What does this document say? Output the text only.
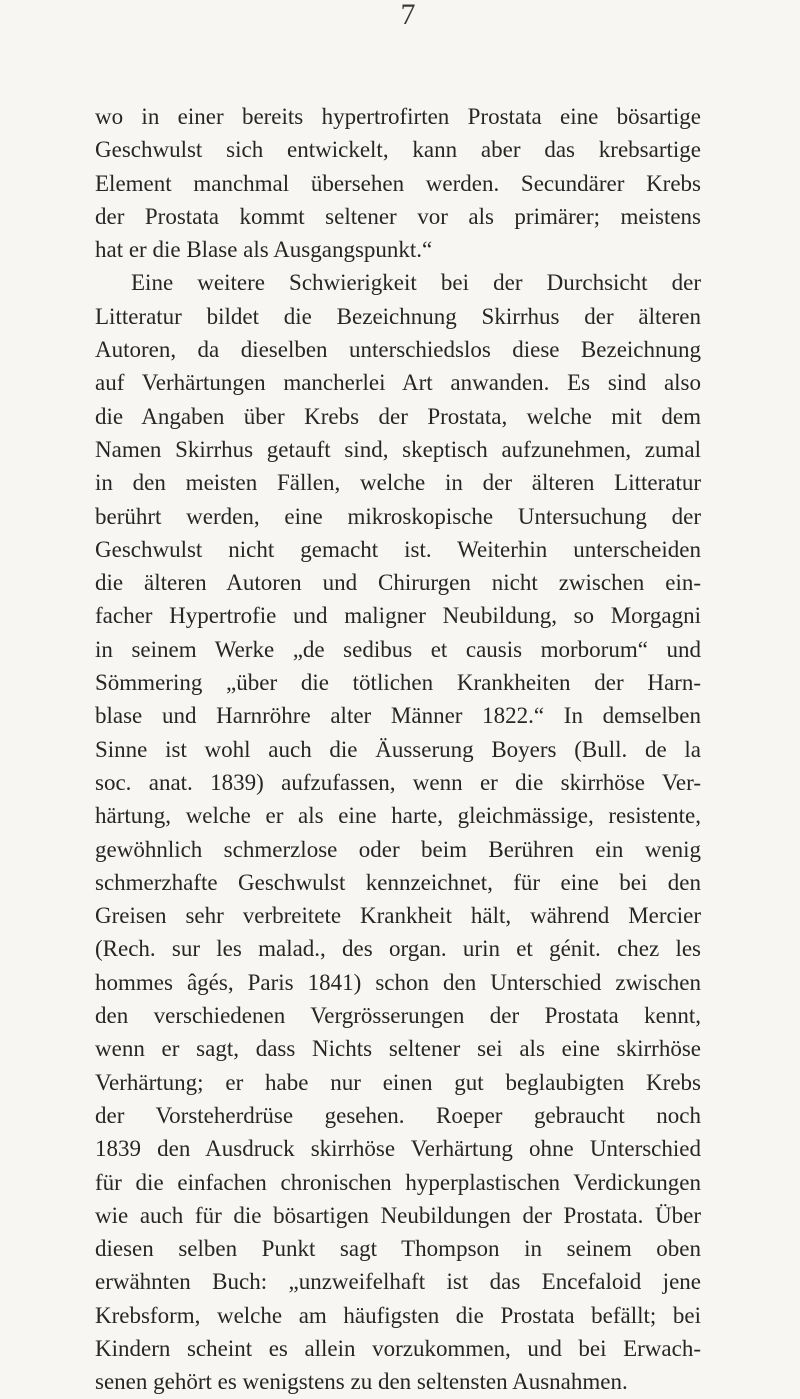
7
wo in einer bereits hypertrofirten Prostata eine bösartige
Geschwulst sich entwickelt, kann aber das krebsartige
Element manchmal übersehen werden. Secundärer Krebs
der Prostata kommt seltener vor als primärer; meistens
hat er die Blase als Ausgangspunkt.“
Eine weitere Schwierigkeit bei der Durchsicht der
Litteratur bildet die Bezeichnung Skirrhus der älteren
Autoren, da dieselben unterschiedslos diese Bezeichnung
auf Verhärtungen mancherlei Art anwanden. Es sind also
die Angaben über Krebs der Prostata, welche mit dem
Namen Skirrhus getauft sind, skeptisch aufzunehmen, zumal
in den meisten Fällen, welche in der älteren Litteratur
berührt werden, eine mikroskopische Untersuchung der
Geschwulst nicht gemacht ist. Weiterhin unterscheiden
die älteren Autoren und Chirurgen nicht zwischen ein-
facher Hypertrofie und maligner Neubildung, so Morgagni
in seinem Werke „de sedibus et causis morborum“ und
Sömmering „über die tötlichen Krankheiten der Harn-
blase und Harnröhre alter Männer 1822.“ In demselben
Sinne ist wohl auch die Äusserung Boyers (Bull. de la
soc. anat. 1839) aufzufassen, wenn er die skirrhöse Ver-
härtung, welche er als eine harte, gleichmässige, resistente,
gewöhnlich schmerzlose oder beim Berühren ein wenig
schmerzhafte Geschwulst kennzeichnet, für eine bei den
Greisen sehr verbreitete Krankheit hält, während Mercier
(Rech. sur les malad., des organ. urin et génit. chez les
hommes âgés, Paris 1841) schon den Unterschied zwischen
den verschiedenen Vergrösserungen der Prostata kennt,
wenn er sagt, dass Nichts seltener sei als eine skirrhöse
Verhärtung; er habe nur einen gut beglaubigten Krebs
der Vorsteherdrüse gesehen. Roeper gebraucht noch
1839 den Ausdruck skirrhöse Verhärtung ohne Unterschied
für die einfachen chronischen hyperplastischen Verdickungen
wie auch für die bösartigen Neubildungen der Prostata. Über
diesen selben Punkt sagt Thompson in seinem oben
erwähnten Buch: „unzweifelhaft ist das Encefaloid jene
Krebsform, welche am häufigsten die Prostata befällt; bei
Kindern scheint es allein vorzukommen, und bei Erwach-
senen gehört es wenigstens zu den seltensten Ausnahmen.
